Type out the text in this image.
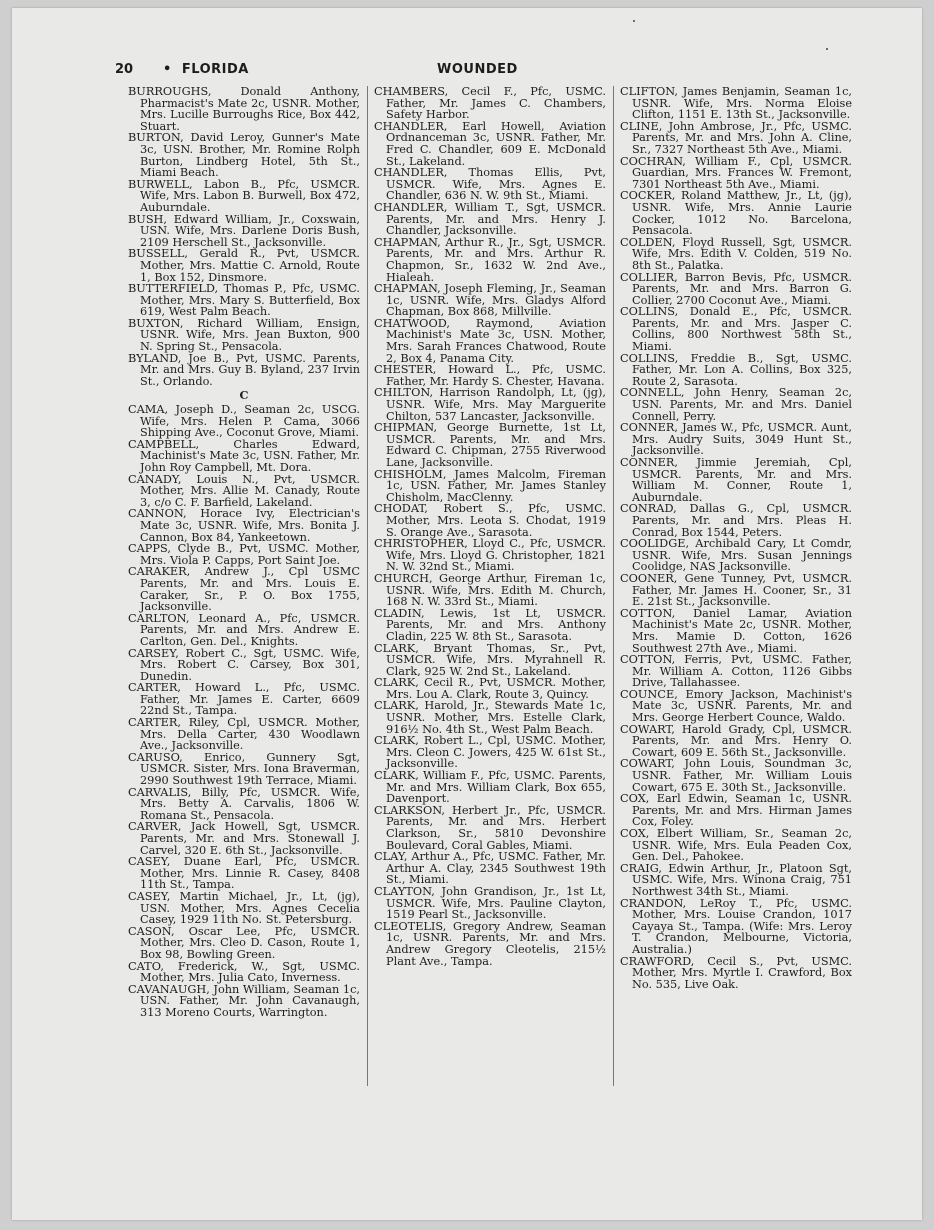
20 • FLORIDA	WOUNDED

BURROUGHS, Donald Anthony, Pharmacist's Mate 2c, USNR. Mother, Mrs. Lucille Burroughs Rice, Box 442, Stuart.

BURTON, David Leroy, Gunner's Mate 3c, USN. Brother, Mr. Romine Rolph Burton, Lindberg Hotel, 5th St., Miami Beach.

BURWELL, Labon B., Pfc, USMCR. Wife, Mrs. Labon B. Burwell, Box 472, Auburndale.

BUSH, Edward William, Jr., Coxswain, USN. Wife, Mrs. Darlene Doris Bush, 2109 Herschell St., Jacksonville.

BUSSELL, Gerald R., Pvt, USMCR. Mother, Mrs. Mattie C. Arnold, Route 1, Box 152, Dinsmore.

BUTTERFIELD, Thomas P., Pfc, USMC. Mother, Mrs. Mary S. Butterfield, Box 619, West Palm Beach.

BUXTON, Richard William, Ensign, USNR. Wife, Mrs. Jean Buxton, 900 N. Spring St., Pensacola.

BYLAND, Joe B., Pvt, USMC. Parents, Mr. and Mrs. Guy B. Byland, 237 Irvin St., Orlando.

C

CAMA, Joseph D., Seaman 2c, USCG. Wife, Mrs. Helen P. Cama, 3066 Shipping Ave., Coconut Grove, Miami.

CAMPBELL, Charles Edward, Machinist's Mate 3c, USN. Father, Mr. John Roy Campbell, Mt. Dora.

CANADY, Louis N., Pvt, USMCR. Mother, Mrs. Allie M. Canady, Route 3, c/o C. F. Barfield, Lakeland.

CANNON, Horace Ivy, Electrician's Mate 3c, USNR. Wife, Mrs. Bonita J. Cannon, Box 84, Yankeetown.

CAPPS, Clyde B., Pvt, USMC. Mother, Mrs. Viola P. Capps, Port Saint Joe.

CARAKER, Andrew J., Cpl USMC Parents, Mr. and Mrs. Louis E. Caraker, Sr., P. O. Box 1755, Jacksonville.

CARLTON, Leonard A., Pfc, USMCR. Parents, Mr. and Mrs. Andrew E. Carlton, Gen. Del., Knights.

CARSEY, Robert C., Sgt, USMC. Wife, Mrs. Robert C. Carsey, Box 301, Dunedin.

CARTER, Howard L., Pfc, USMC. Father, Mr. James E. Carter, 6609 22nd St., Tampa.

CARTER, Riley, Cpl, USMCR. Mother, Mrs. Della Carter, 430 Woodlawn Ave., Jacksonville.

CARUSO, Enrico, Gunnery Sgt, USMCR. Sister, Mrs. Iona Braverman, 2990 Southwest 19th Terrace, Miami.

CARVALIS, Billy, Pfc, USMCR. Wife, Mrs. Betty A. Carvalis, 1806 W. Romana St., Pensacola.

CARVER, Jack Howell, Sgt, USMCR. Parents, Mr. and Mrs. Stonewall J. Carvel, 320 E. 6th St., Jacksonville.

CASEY, Duane Earl, Pfc, USMCR. Mother, Mrs. Linnie R. Casey, 8408 11th St., Tampa.

CASEY, Martin Michael, Jr., Lt, (jg), USN. Mother, Mrs. Agnes Cecelia Casey, 1929 11th No. St. Petersburg.

CASON, Oscar Lee, Pfc, USMCR. Mother, Mrs. Cleo D. Cason, Route 1, Box 98, Bowling Green.

CATO, Frederick, W., Sgt, USMC. Mother, Mrs. Julia Cato, Inverness.

CAVANAUGH, John William, Seaman 1c, USN. Father, Mr. John Cavanaugh, 313 Moreno Courts, Warrington.

CHAMBERS, Cecil F., Pfc, USMC. Father, Mr. James C. Chambers, Safety Harbor.

CHANDLER, Earl Howell, Aviation Ordnanceman 3c, USNR. Father, Mr. Fred C. Chandler, 609 E. McDonald St., Lakeland.

CHANDLER, Thomas Ellis, Pvt, USMCR. Wife, Mrs. Agnes E. Chandler, 636 N. W. 9th St., Miami.

CHANDLER, William T., Sgt, USMCR. Parents, Mr. and Mrs. Henry J. Chandler, Jacksonville.

CHAPMAN, Arthur R., Jr., Sgt, USMCR. Parents, Mr. and Mrs. Arthur R. Chapmon, Sr., 1632 W. 2nd Ave., Hialeah.

CHAPMAN, Joseph Fleming, Jr., Seaman 1c, USNR. Wife, Mrs. Gladys Alford Chapman, Box 868, Millville.

CHATWOOD, Raymond, Aviation Machinist's Mate 3c, USN. Mother, Mrs. Sarah Frances Chatwood, Route 2, Box 4, Panama City.

CHESTER, Howard L., Pfc, USMC. Father, Mr. Hardy S. Chester, Havana.

CHILTON, Harrison Randolph, Lt, (jg), USNR. Wife, Mrs. May Marguerite Chilton, 537 Lancaster, Jacksonville.

CHIPMAN, George Burnette, 1st Lt, USMCR. Parents, Mr. and Mrs. Edward C. Chipman, 2755 Riverwood Lane, Jacksonville.

CHISHOLM, James Malcolm, Fireman 1c, USN. Father, Mr. James Stanley Chisholm, MacClenny.

CHODAT, Robert S., Pfc, USMC. Mother, Mrs. Leota S. Chodat, 1919 S. Orange Ave., Sarasota.

CHRISTOPHER, Lloyd C., Pfc, USMCR. Wife, Mrs. Lloyd G. Christopher, 1821 N. W. 32nd St., Miami.

CHURCH, George Arthur, Fireman 1c, USNR. Wife, Mrs. Edith M. Church, 168 N. W. 33rd St., Miami.

CLADIN, Lewis, 1st Lt, USMCR. Parents, Mr. and Mrs. Anthony Cladin, 225 W. 8th St., Sarasota.

CLARK, Bryant Thomas, Sr., Pvt, USMCR. Wife, Mrs. Myrahnell R. Clark, 925 W. 2nd St., Lakeland.

CLARK, Cecil R., Pvt, USMCR. Mother, Mrs. Lou A. Clark, Route 3, Quincy.

CLARK, Harold, Jr., Stewards Mate 1c, USNR. Mother, Mrs. Estelle Clark, 916½ No. 4th St., West Palm Beach.

CLARK, Robert L., Cpl, USMC. Mother, Mrs. Cleon C. Jowers, 425 W. 61st St., Jacksonville.

CLARK, William F., Pfc, USMC. Parents, Mr. and Mrs. William Clark, Box 655, Davenport.

CLARKSON, Herbert Jr., Pfc, USMCR. Parents, Mr. and Mrs. Herbert Clarkson, Sr., 5810 Devonshire Boulevard, Coral Gables, Miami.

CLAY, Arthur A., Pfc, USMC. Father, Mr. Arthur A. Clay, 2345 Southwest 19th St., Miami.

CLAYTON, John Grandison, Jr., 1st Lt, USMCR. Wife, Mrs. Pauline Clayton, 1519 Pearl St., Jacksonville.

CLEOTELIS, Gregory Andrew, Seaman 1c, USNR. Parents, Mr. and Mrs. Andrew Gregory Cleotelis, 215½ Plant Ave., Tampa.

CLIFTON, James Benjamin, Seaman 1c, USNR. Wife, Mrs. Norma Eloise Clifton, 1151 E. 13th St., Jacksonville.

CLINE, John Ambrose, Jr., Pfc, USMC. Parents, Mr. and Mrs. John A. Cline, Sr., 7327 Northeast 5th Ave., Miami.

COCHRAN, William F., Cpl, USMCR. Guardian, Mrs. Frances W. Fremont, 7301 Northeast 5th Ave., Miami.

COCKER, Roland Matthew, Jr., Lt, (jg), USNR. Wife, Mrs. Annie Laurie Cocker, 1012 No. Barcelona, Pensacola.

COLDEN, Floyd Russell, Sgt, USMCR. Wife, Mrs. Edith V. Colden, 519 No. 8th St., Palatka.

COLLIER, Barron Bevis, Pfc, USMCR. Parents, Mr. and Mrs. Barron G. Collier, 2700 Coconut Ave., Miami.

COLLINS, Donald E., Pfc, USMCR. Parents, Mr. and Mrs. Jasper C. Collins, 800 Northwest 58th St., Miami.

COLLINS, Freddie B., Sgt, USMC. Father, Mr. Lon A. Collins, Box 325, Route 2, Sarasota.

CONNELL, John Henry, Seaman 2c, USN. Parents, Mr. and Mrs. Daniel Connell, Perry.

CONNER, James W., Pfc, USMCR. Aunt, Mrs. Audry Suits, 3049 Hunt St., Jacksonville.

CONNER, Jimmie Jeremiah, Cpl, USMCR. Parents, Mr. and Mrs. William M. Conner, Route 1, Auburndale.

CONRAD, Dallas G., Cpl, USMCR. Parents, Mr. and Mrs. Pleas H. Conrad, Box 1544, Peters.

COOLIDGE, Archibald Cary, Lt Comdr, USNR. Wife, Mrs. Susan Jennings Coolidge, NAS Jacksonville.

COONER, Gene Tunney, Pvt, USMCR. Father, Mr. James H. Cooner, Sr., 31 E. 21st St., Jacksonville.

COTTON, Daniel Lamar, Aviation Machinist's Mate 2c, USNR. Mother, Mrs. Mamie D. Cotton, 1626 Southwest 27th Ave., Miami.

COTTON, Ferris, Pvt, USMC. Father, Mr. William A. Cotton, 1126 Gibbs Drive, Tallahassee.

COUNCE, Emory Jackson, Machinist's Mate 3c, USNR. Parents, Mr. and Mrs. George Herbert Counce, Waldo.

COWART, Harold Grady, Cpl, USMCR. Parents, Mr. and Mrs. Henry O. Cowart, 609 E. 56th St., Jacksonville.

COWART, John Louis, Soundman 3c, USNR. Father, Mr. William Louis Cowart, 675 E. 30th St., Jacksonville.

COX, Earl Edwin, Seaman 1c, USNR. Parents, Mr. and Mrs. Hirman James Cox, Foley.

COX, Elbert William, Sr., Seaman 2c, USNR. Wife, Mrs. Eula Peaden Cox, Gen. Del., Pahokee.

CRAIG, Edwin Arthur, Jr., Platoon Sgt, USMC. Wife, Mrs. Winona Craig, 751 Northwest 34th St., Miami.

CRANDON, LeRoy T., Pfc, USMC. Mother, Mrs. Louise Crandon, 1017 Cayaya St., Tampa. (Wife: Mrs. Leroy T. Crandon, Melbourne, Victoria, Australia.)

CRAWFORD, Cecil S., Pvt, USMC. Mother, Mrs. Myrtle I. Crawford, Box No. 535, Live Oak.
